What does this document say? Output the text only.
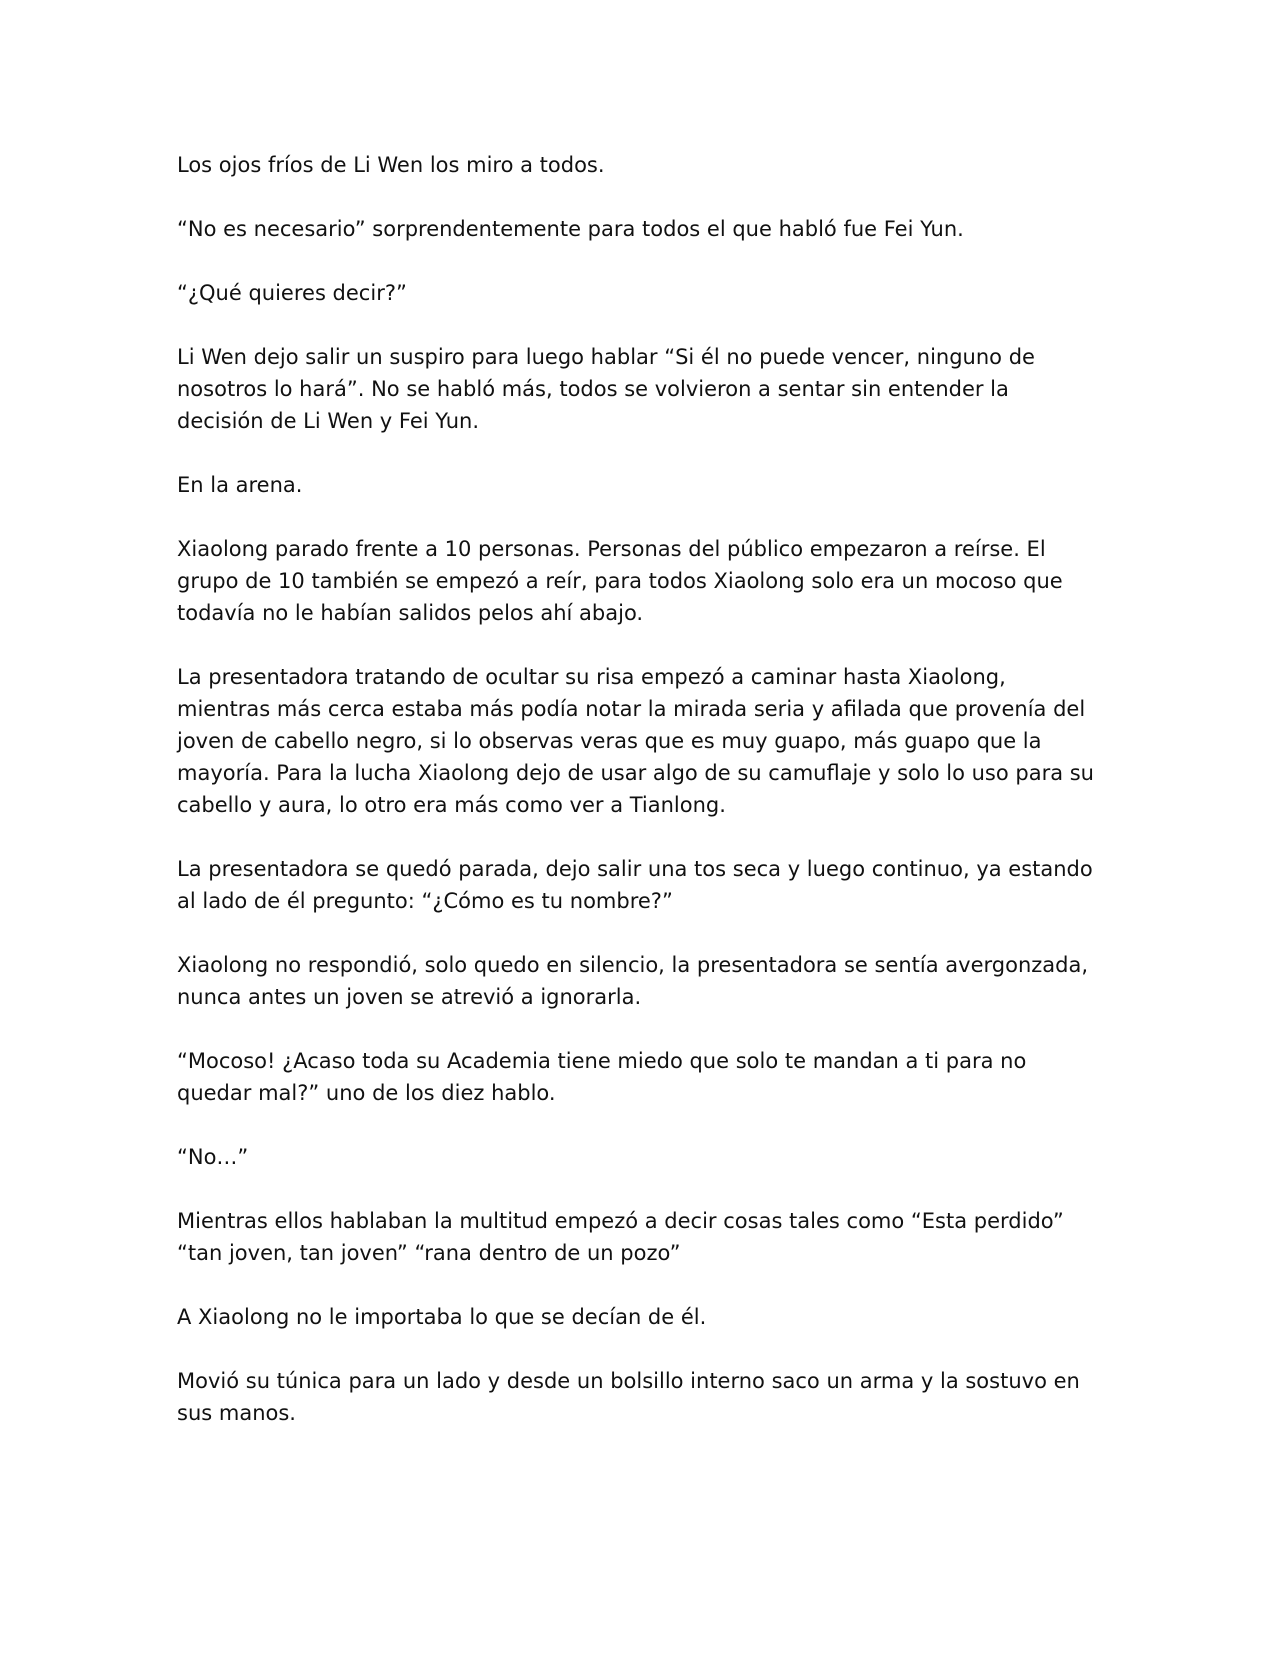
Los ojos fríos de Li Wen los miro a todos.

“No es necesario” sorprendentemente para todos el que habló fue Fei Yun.

“¿Qué quieres decir?”

Li Wen dejo salir un suspiro para luego hablar “Si él no puede vencer, ninguno de nosotros lo hará”. No se habló más, todos se volvieron a sentar sin entender la decisión de Li Wen y Fei Yun.

En la arena.

Xiaolong parado frente a 10 personas. Personas del público empezaron a reírse. El grupo de 10 también se empezó a reír, para todos Xiaolong solo era un mocoso que todavía no le habían salidos pelos ahí abajo.

La presentadora tratando de ocultar su risa empezó a caminar hasta Xiaolong, mientras más cerca estaba más podía notar la mirada seria y afilada que provenía del joven de cabello negro, si lo observas veras que es muy guapo, más guapo que la mayoría. Para la lucha Xiaolong dejo de usar algo de su camuflaje y solo lo uso para su cabello y aura, lo otro era más como ver a Tianlong.

La presentadora se quedó parada, dejo salir una tos seca y luego continuo, ya estando al lado de él pregunto: “¿Cómo es tu nombre?”

Xiaolong no respondió, solo quedo en silencio, la presentadora se sentía avergonzada, nunca antes un joven se atrevió a ignorarla.

“Mocoso! ¿Acaso toda su Academia tiene miedo que solo te mandan a ti para no quedar mal?” uno de los diez hablo.

“No…”

Mientras ellos hablaban la multitud empezó a decir cosas tales como “Esta perdido” “tan joven, tan joven” “rana dentro de un pozo”

A Xiaolong no le importaba lo que se decían de él.

Movió su túnica para un lado y desde un bolsillo interno saco un arma y la sostuvo en sus manos.
